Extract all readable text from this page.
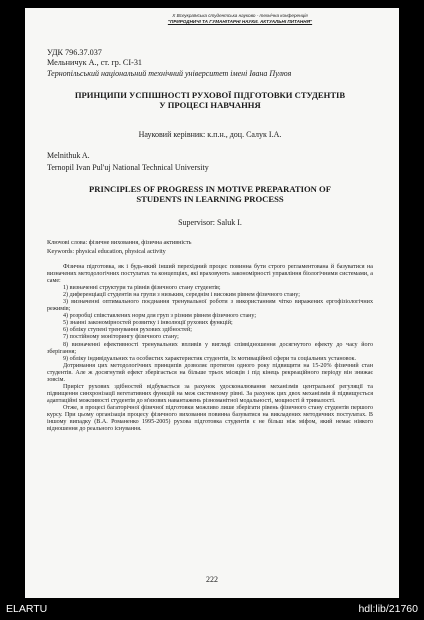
Х Всеукраїнська студентська науково - технічна конференція
"ПРИРОДНИЧІ ТА ГУМАНІТАРНІ НАУКИ. АКТУАЛЬНІ ПИТАННЯ"
УДК 796.37.037
Мельничук А., ст. гр. СІ-31
Тернопільський національний технічний університет імені Івана Пулюя
ПРИНЦИПИ УСПІШНОСТІ РУХОВОЇ ПІДГОТОВКИ СТУДЕНТІВ
У ПРОЦЕСІ НАВЧАННЯ
Науковий керівник: к.п.н., доц. Салук І.А.
Melnithuk A.
Ternopil Ivan Pul'uj National Technical University
PRINCIPLES OF PROGRESS IN MOTIVE PREPARATION OF
STUDENTS IN LEARNING PROCESS
Supervisor: Saluk I.
Ключові слова: фізичне виховання, фізична активність
Keywords: physical education, physical activity

Фізична підготовка, як і будь-який інший перехідний процес повинна бути строго регламентована й базуватися на визначених методологічних постулатах та концепціях, які враховують закономірності управління біологічними системами, а саме:

1) визначенні структури та рівнів фізичного стану студентів;

2) диференціації студентів на групи з низьким, середнім і високим рівнем фізичного стану;

3) визначенні оптимального поєднання тренувальної роботи з використанням чітко виражених ергофізіологічних режимів;

4) розробці співставлених норм для груп з різним рівнем фізичного стану;

5) знанні закономірностей розвитку і інволюції рухових функцій;

6) обліку ступені тренування рухових здібностей;

7) постійному моніторингу фізичного стану;

8) визначенні ефективності тренувальних впливів у вигляді співвідношення досягнутого ефекту до часу його зберігання;

9) обліку індивідуальних та особистих характеристик студентів, їх мотиваційної сфери та соціальних установок.

Дотримання цих методологічних принципів дозволяє протягом одного року підвищити на 15-20% фізичний стан студентів. Але ж досягнутий ефект зберігається на більше трьох місяців і під кінець рекреаційного періоду він знижає зовсім.

Приріст рухових здібностей відбувається за рахунок удосконалювання механізмів центральної регуляції та підвищення синхронізації вегетативних функцій на меж системному рівні. За рахунок цих двох механізмів й підвищується адаптаційні можливості студентів до м'язових навантажень різноманітної модальності, мощності й тривалості.

Отже, в процесі багаторічної фізичної підготовки можливо лише зберігати рівень фізичного стану студентів першого курсу. При цьому організація процесу фізичного виховання повинна базуватися на викладених методичних постулатах. В іншому випадку (В.А. Романенко 1995-2005) рухова підготовка студентів є не більш ніж міфом, який немає ніякого відношення до реального існування.

222
ELARTU	hdl:lib/21760
